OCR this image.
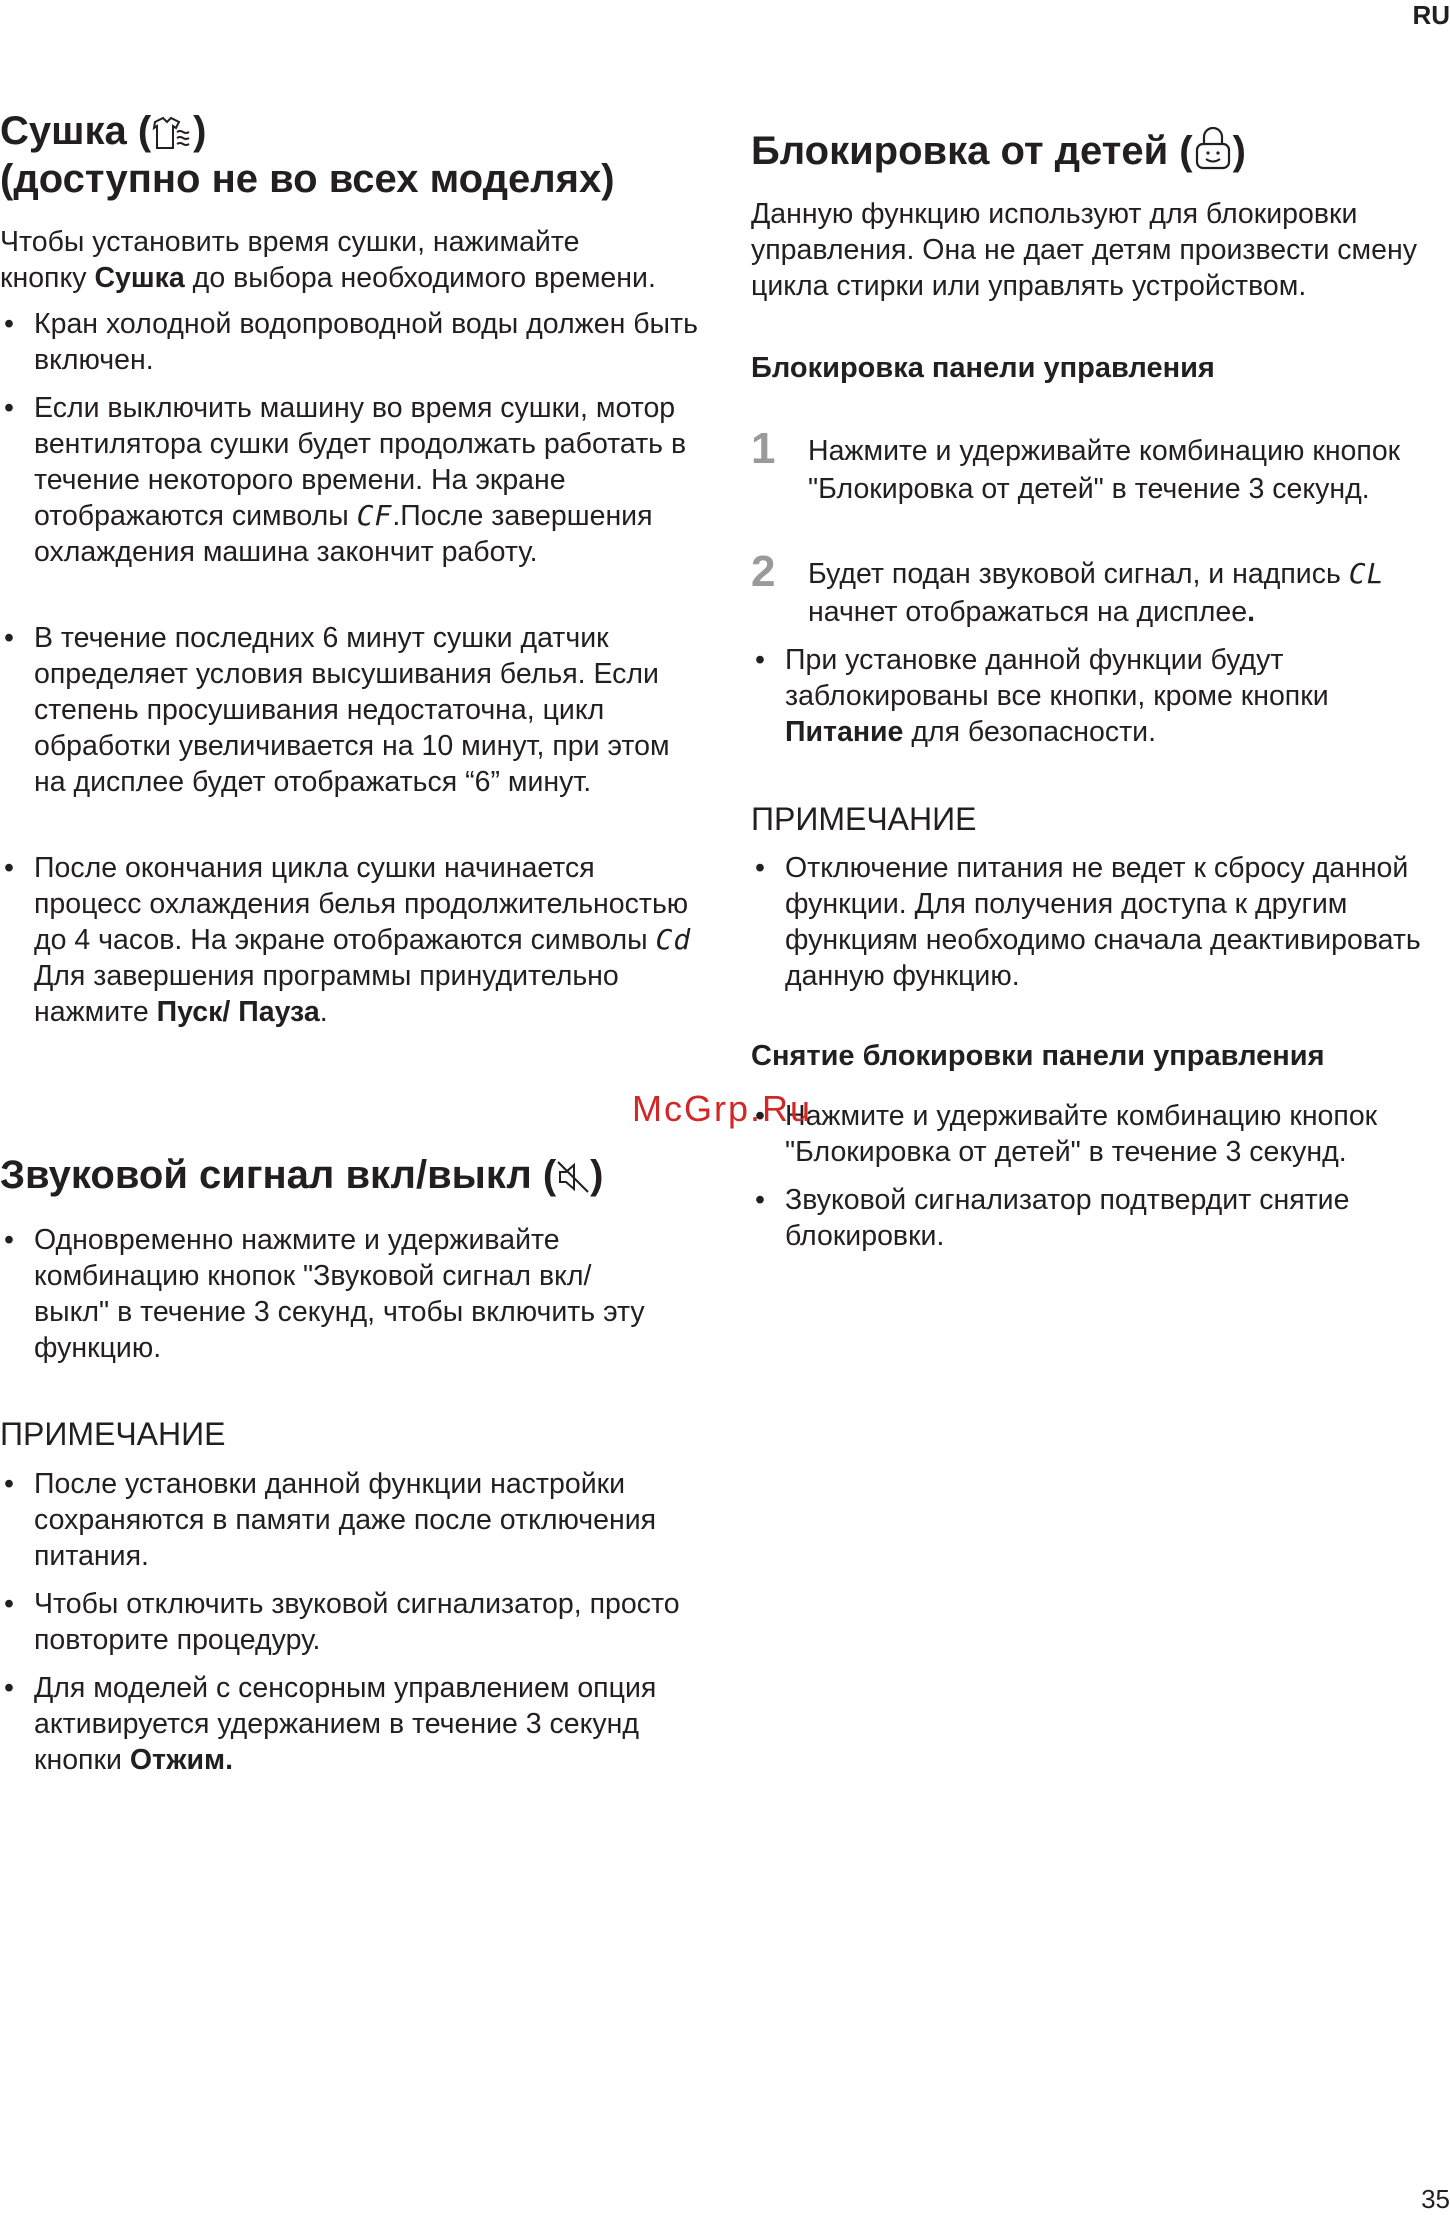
RU
Сушка ( )
(доступно не во всех моделях)

Чтобы установить время сушки, нажимайте
кнопку Сушка до выбора необходимого времени.

• Кран холодной водопроводной воды должен быть включен.

• Если выключить машину во время сушки, мотор вентилятора сушки будет продолжать работать в течение некоторого времени. На экране отображаются символы CF.После завершения охлаждения машина закончит работу.

• В течение последних 6 минут сушки датчик определяет условия высушивания белья. Если степень просушивания недостаточна, цикл обработки увеличивается на 10 минут, при этом на дисплее будет отображаться “6” минут.

• После окончания цикла сушки начинается процесс охлаждения белья продолжительностью до 4 часов. На экране отображаются символы Cd Для завершения программы принудительно нажмите Пуск/ Пауза.

Звуковой сигнал вкл/выкл ( )

• Одновременно нажмите и удерживайте комбинацию кнопок "Звуковой сигнал вкл/ выкл" в течение 3 секунд, чтобы включить эту функцию.

ПРИМЕЧАНИЕ

• После установки данной функции настройки сохраняются в памяти даже после отключения питания.

• Чтобы отключить звуковой сигнализатор, просто повторите процедуру.

• Для моделей с сенсорным управлением опция активируется удержанием в течение 3 секунд кнопки Отжим.

Блокировка от детей ( )

Данную функцию используют для блокировки управления. Она не дает детям произвести смену цикла стирки или управлять устройством.

Блокировка панели управления
1 Нажмите и удерживайте комбинацию кнопок

"Блокировка от детей" в течение 3 секунд.

2 Будет подан звуковой сигнал, и надпись CL

начнет отображаться на дисплее.

• При установке данной функции будут заблокированы все кнопки, кроме кнопки Питание для безопасности.

ПРИМЕЧАНИЕ

• Отключение питания не ведет к сбросу данной функции. Для получения доступа к другим функциям необходимо сначала деактивировать данную функцию.

Снятие блокировки панели управления

• Нажмите и удерживайте комбинацию кнопок "Блокировка от детей" в течение 3 секунд.

• Звуковой сигнализатор подтвердит снятие блокировки.

McGrp.Ru
35
